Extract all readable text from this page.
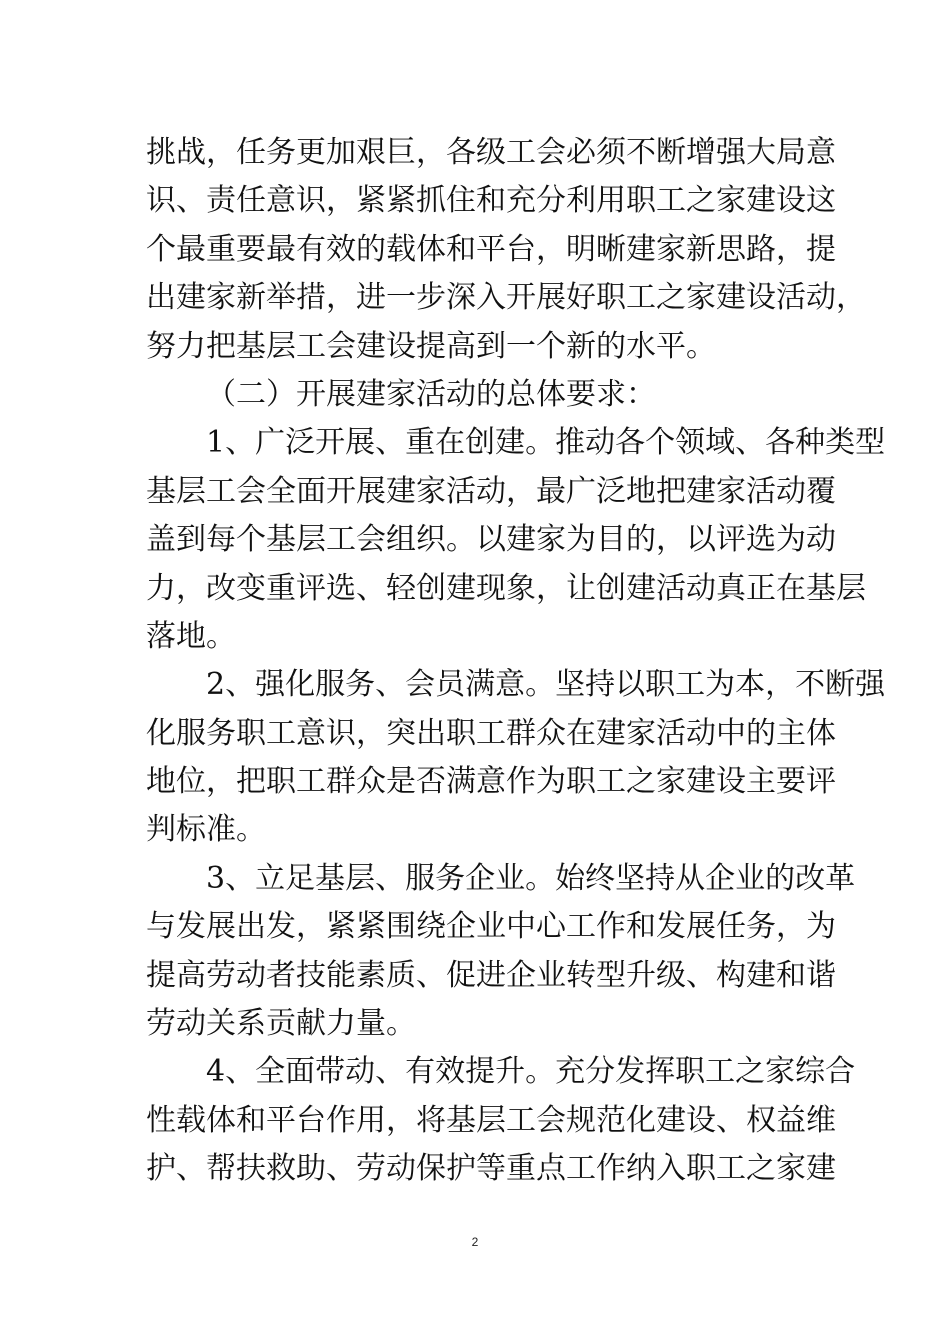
挑战，任务更加艰巨，各级工会必须不断增强大局意
识、责任意识，紧紧抓住和充分利用职工之家建设这
个最重要最有效的载体和平台，明晰建家新思路，提
出建家新举措，进一步深入开展好职工之家建设活动，
努力把基层工会建设提高到一个新的水平。
（二）开展建家活动的总体要求：
1、广泛开展、重在创建。推动各个领域、各种类型
基层工会全面开展建家活动，最广泛地把建家活动覆
盖到每个基层工会组织。以建家为目的，以评选为动
力，改变重评选、轻创建现象，让创建活动真正在基层
落地。
2、强化服务、会员满意。坚持以职工为本，不断强
化服务职工意识，突出职工群众在建家活动中的主体
地位，把职工群众是否满意作为职工之家建设主要评
判标准。
3、立足基层、服务企业。始终坚持从企业的改革
与发展出发，紧紧围绕企业中心工作和发展任务，为
提高劳动者技能素质、促进企业转型升级、构建和谐
劳动关系贡献力量。
4、全面带动、有效提升。充分发挥职工之家综合
性载体和平台作用，将基层工会规范化建设、权益维
护、帮扶救助、劳动保护等重点工作纳入职工之家建
2
